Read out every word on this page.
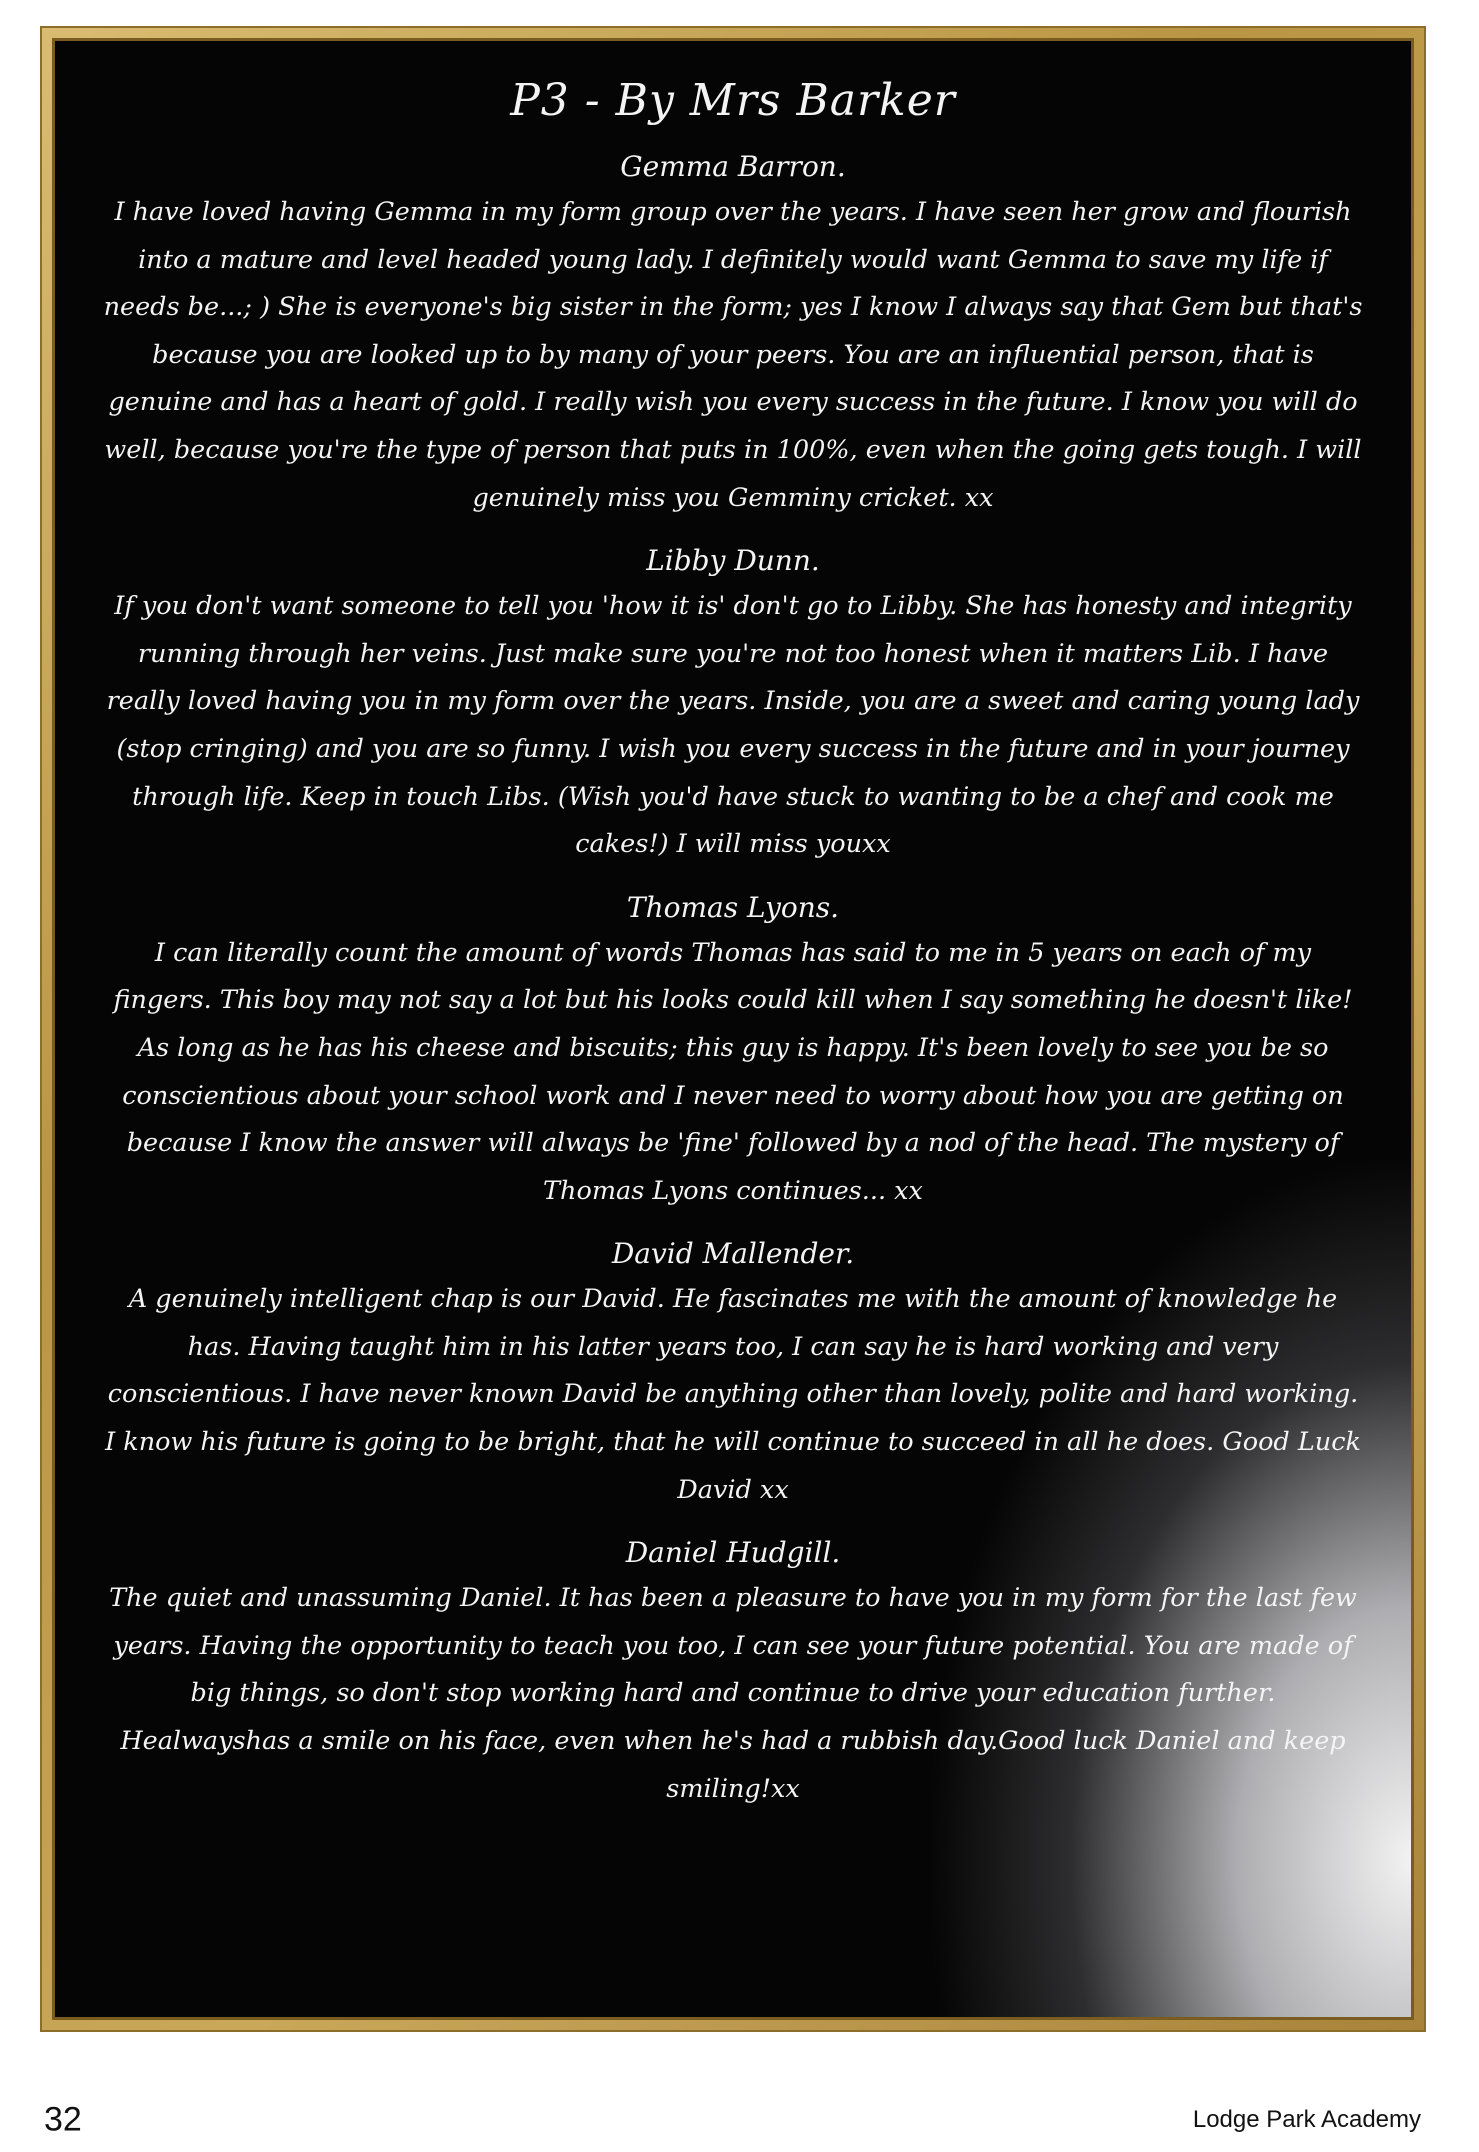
P3 - By Mrs Barker
Gemma Barron.

I have loved having Gemma in my form group over the years. I have seen her grow and flourish into a mature and level headed young lady. I definitely would want Gemma to save my life if needs be...; ) She is everyone's big sister in the form; yes I know I always say that Gem but that's because you are looked up to by many of your peers. You are an influential person, that is genuine and has a heart of gold. I really wish you every success in the future. I know you will do well, because you're the type of person that puts in 100%, even when the going gets tough. I will genuinely miss you Gemminy cricket. xx

Libby Dunn.

If you don't want someone to tell you 'how it is' don't go to Libby. She has honesty and integrity running through her veins. Just make sure you're not too honest when it matters Lib. I have really loved having you in my form over the years. Inside, you are a sweet and caring young lady (stop cringing) and you are so funny. I wish you every success in the future and in your journey through life. Keep in touch Libs. (Wish you'd have stuck to wanting to be a chef and cook me cakes!) I will miss youxx

Thomas Lyons.

I can literally count the amount of words Thomas has said to me in 5 years on each of my fingers. This boy may not say a lot but his looks could kill when I say something he doesn't like! As long as he has his cheese and biscuits; this guy is happy. It's been lovely to see you be so conscientious about your school work and I never need to worry about how you are getting on because I know the answer will always be 'fine' followed by a nod of the head. The mystery of Thomas Lyons continues... xx

David Mallender.

A genuinely intelligent chap is our David. He fascinates me with the amount of knowledge he has. Having taught him in his latter years too, I can say he is hard working and very conscientious. I have never known David be anything other than lovely, polite and hard working. I know his future is going to be bright, that he will continue to succeed in all he does. Good Luck David xx

Daniel Hudgill.

The quiet and unassuming Daniel. It has been a pleasure to have you in my form for the last few years. Having the opportunity to teach you too, I can see your future potential. You are made of big things, so don't stop working hard and continue to drive your education further. Healwayshas a smile on his face, even when he's had a rubbish day.Good luck Daniel and keep smiling!xx

32	Lodge Park Academy
